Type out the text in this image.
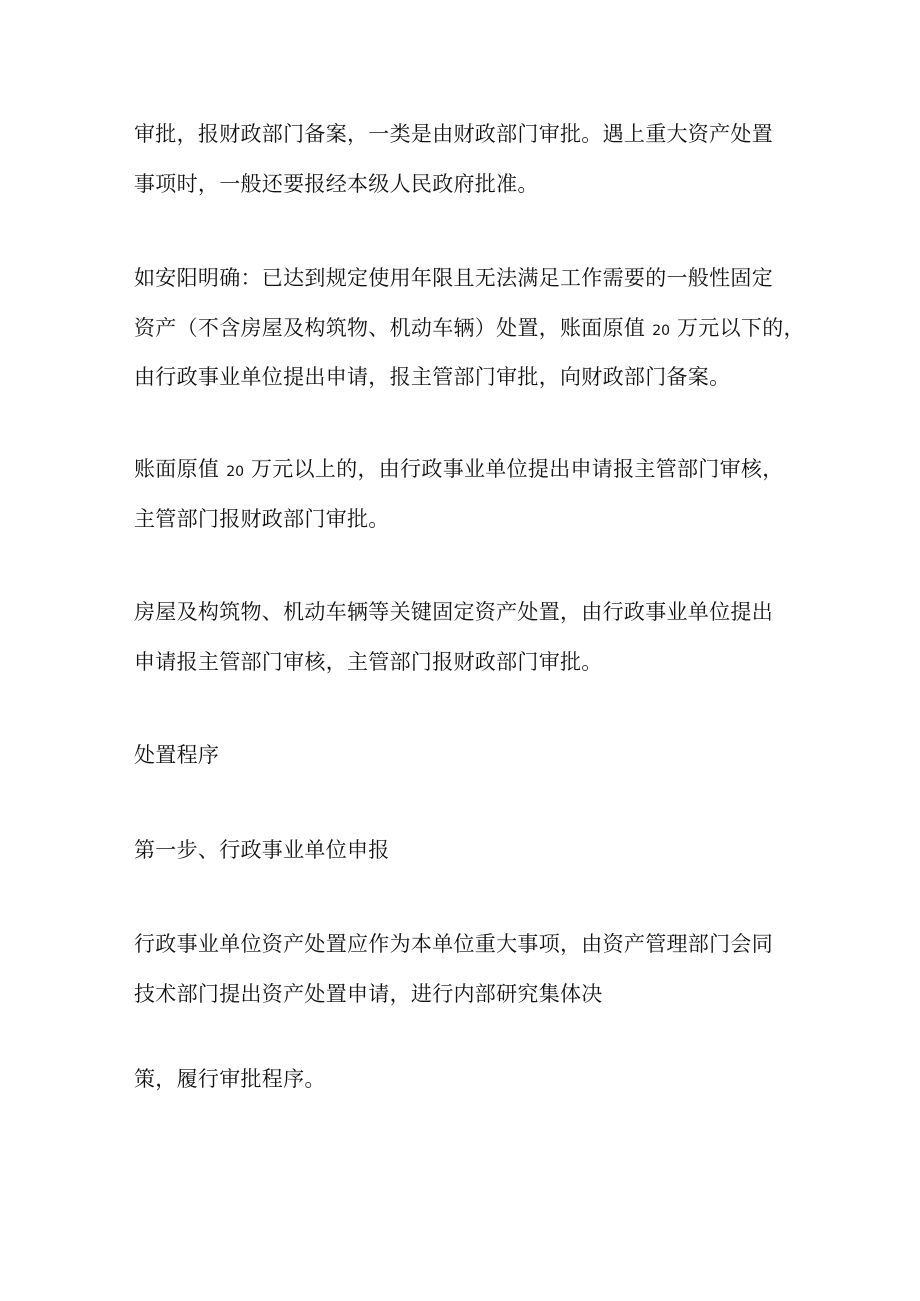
审批，报财政部门备案，一类是由财政部门审批。遇上重大资产处置

事项时，一般还要报经本级人民政府批准。

如安阳明确：已达到规定使用年限且无法满足工作需要的一般性固定

资产（不含房屋及构筑物、机动车辆）处置，账面原值 20 万元以下的，

由行政事业单位提出申请，报主管部门审批，向财政部门备案。

账面原值 20 万元以上的，由行政事业单位提出申请报主管部门审核，

主管部门报财政部门审批。

房屋及构筑物、机动车辆等关键固定资产处置，由行政事业单位提出

申请报主管部门审核，主管部门报财政部门审批。

处置程序

第一步、行政事业单位申报

行政事业单位资产处置应作为本单位重大事项，由资产管理部门会同

技术部门提出资产处置申请，进行内部研究集体决

策，履行审批程序。
